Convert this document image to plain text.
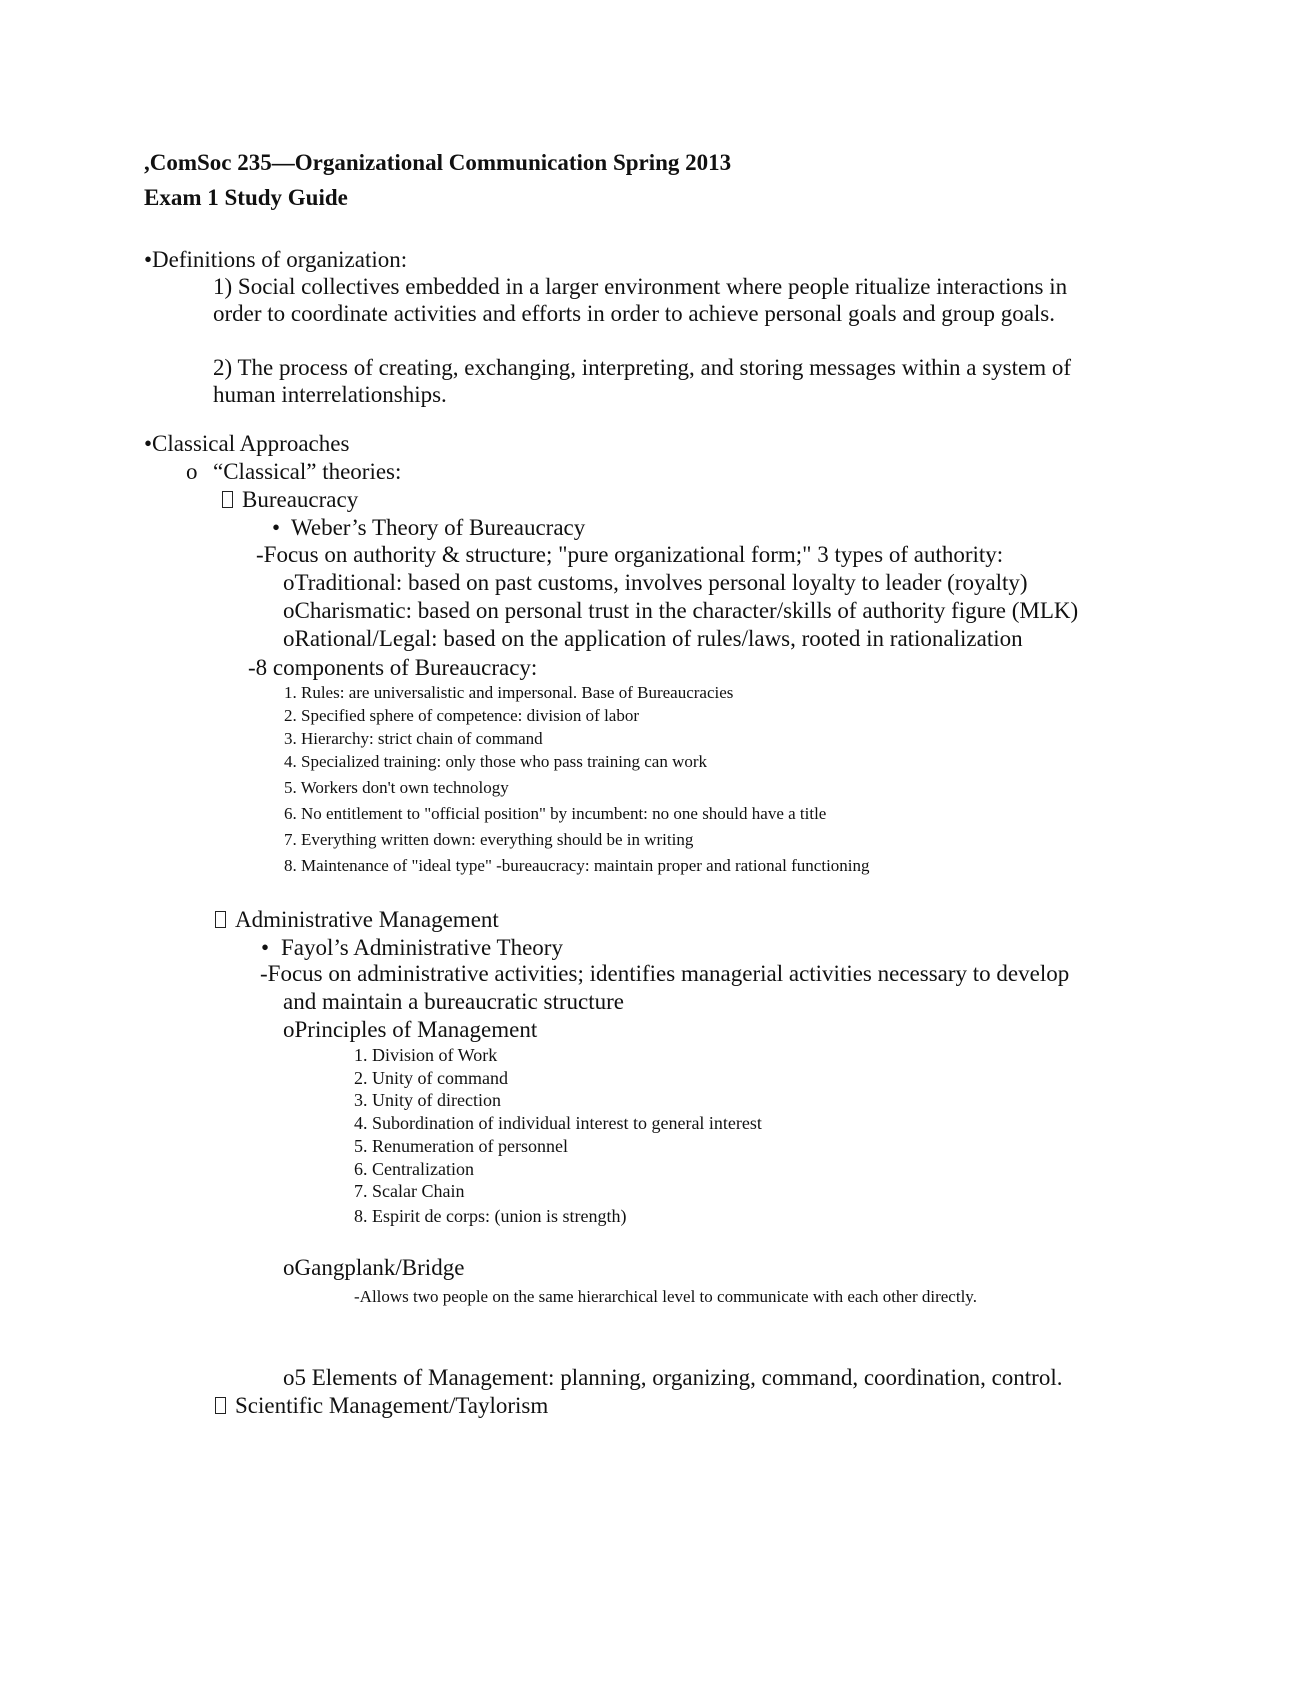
,ComSoc 235—Organizational Communication Spring 2013
Exam 1 Study Guide
•Definitions of organization:
1) Social collectives embedded in a larger environment where people ritualize interactions in
order to coordinate activities and efforts in order to achieve personal goals and group goals.
2) The process of creating, exchanging, interpreting, and storing messages within a system of
human interrelationships.
•Classical Approaches
o “Classical” theories:
Bureaucracy
• Weber’s Theory of Bureaucracy
-Focus on authority & structure; "pure organizational form;" 3 types of authority:
oTraditional: based on past customs, involves personal loyalty to leader (royalty)
oCharismatic: based on personal trust in the character/skills of authority figure (MLK)
oRational/Legal: based on the application of rules/laws, rooted in rationalization
-8 components of Bureaucracy:
1. Rules: are universalistic and impersonal. Base of Bureaucracies
2. Specified sphere of competence: division of labor
3. Hierarchy: strict chain of command
4. Specialized training: only those who pass training can work
5. Workers don't own technology
6. No entitlement to "official position" by incumbent: no one should have a title
7. Everything written down: everything should be in writing
8. Maintenance of "ideal type" -bureaucracy: maintain proper and rational functioning
Administrative Management
• Fayol’s Administrative Theory
-Focus on administrative activities; identifies managerial activities necessary to develop
and maintain a bureaucratic structure
oPrinciples of Management
1. Division of Work
2. Unity of command
3. Unity of direction
4. Subordination of individual interest to general interest
5. Renumeration of personnel
6. Centralization
7. Scalar Chain
8. Espirit de corps: (union is strength)
oGangplank/Bridge
-Allows two people on the same hierarchical level to communicate with each other directly.
o5 Elements of Management: planning, organizing, command, coordination, control.
Scientific Management/Taylorism
